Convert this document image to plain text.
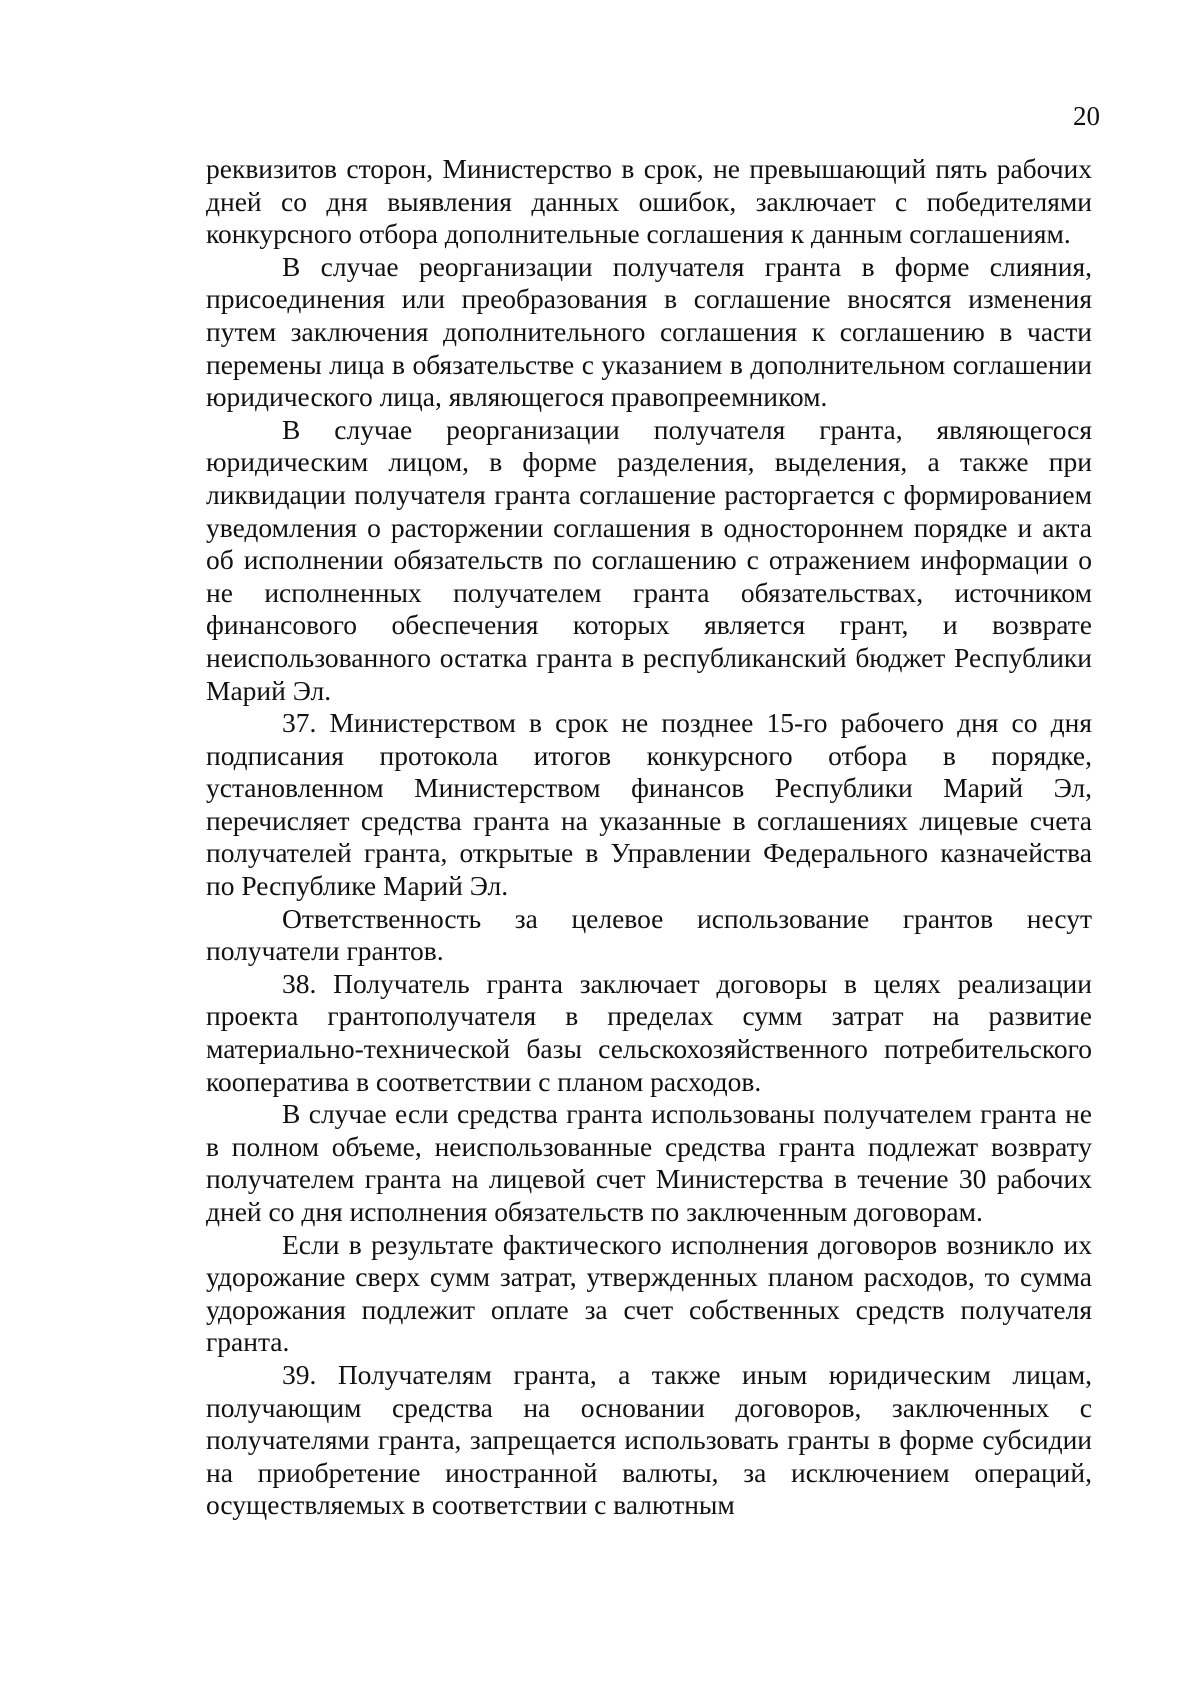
20

реквизитов сторон, Министерство в срок, не превышающий пять рабочих дней со дня выявления данных ошибок, заключает с победителями конкурсного отбора дополнительные соглашения к данным соглашениям.

В случае реорганизации получателя гранта в форме слияния, присоединения или преобразования в соглашение вносятся изменения путем заключения дополнительного соглашения к соглашению в части перемены лица в обязательстве с указанием в дополнительном соглашении юридического лица, являющегося правопреемником.

В случае реорганизации получателя гранта, являющегося юридическим лицом, в форме разделения, выделения, а также при ликвидации получателя гранта соглашение расторгается с формированием уведомления о расторжении соглашения в одностороннем порядке и акта об исполнении обязательств по соглашению с отражением информации о не исполненных получателем гранта обязательствах, источником финансового обеспечения которых является грант, и возврате неиспользованного остатка гранта в республиканский бюджет Республики Марий Эл.

37. Министерством в срок не позднее 15-го рабочего дня со дня подписания протокола итогов конкурсного отбора в порядке, установленном Министерством финансов Республики Марий Эл, перечисляет средства гранта на указанные в соглашениях лицевые счета получателей гранта, открытые в Управлении Федерального казначейства по Республике Марий Эл.

Ответственность за целевое использование грантов несут получатели грантов.

38. Получатель гранта заключает договоры в целях реализации проекта грантополучателя в пределах сумм затрат на развитие материально-технической базы сельскохозяйственного потребительского кооператива в соответствии с планом расходов.

В случае если средства гранта использованы получателем гранта не в полном объеме, неиспользованные средства гранта подлежат возврату получателем гранта на лицевой счет Министерства в течение 30 рабочих дней со дня исполнения обязательств по заключенным договорам.

Если в результате фактического исполнения договоров возникло их удорожание сверх сумм затрат, утвержденных планом расходов, то сумма удорожания подлежит оплате за счет собственных средств получателя гранта.

39. Получателям гранта, а также иным юридическим лицам, получающим средства на основании договоров, заключенных с получателями гранта, запрещается использовать гранты в форме субсидии на приобретение иностранной валюты, за исключением операций, осуществляемых в соответствии с валютным
